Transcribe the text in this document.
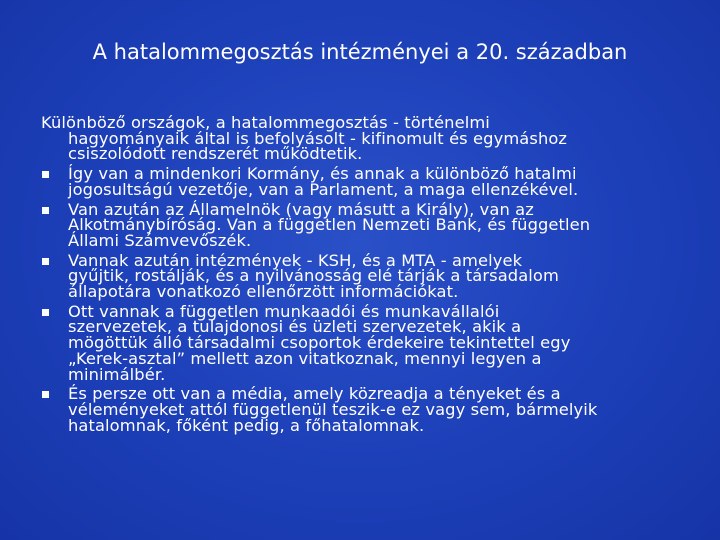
A hatalommegosztás intézményei a 20. században
Különböző országok, a hatalommegosztás - történelmi
hagyományaik által is befolyásolt - kifinomult és egymáshoz
csiszolódott rendszerét működtetik.
Így van a mindenkori Kormány, és annak a különböző hatalmi
jogosultságú vezetője, van a Parlament, a maga ellenzékével.
Van azután az Államelnök (vagy másutt a Király), van az
Alkotmánybíróság. Van a független Nemzeti Bank, és független
Állami Számvevőszék.
Vannak azután intézmények - KSH, és a MTA - amelyek
gyűjtik, rostálják, és a nyilvánosság elé tárják a társadalom
állapotára vonatkozó ellenőrzött információkat.
Ott vannak a független munkaadói és munkavállalói
szervezetek, a tulajdonosi és üzleti szervezetek, akik a
mögöttük álló társadalmi csoportok érdekeire tekintettel egy
„Kerek-asztal” mellett azon vitatkoznak, mennyi legyen a
minimálbér.
És persze ott van a média, amely közreadja a tényeket és a
véleményeket attól függetlenül teszik-e ez vagy sem, bármelyik
hatalomnak, főként pedig, a főhatalomnak.
